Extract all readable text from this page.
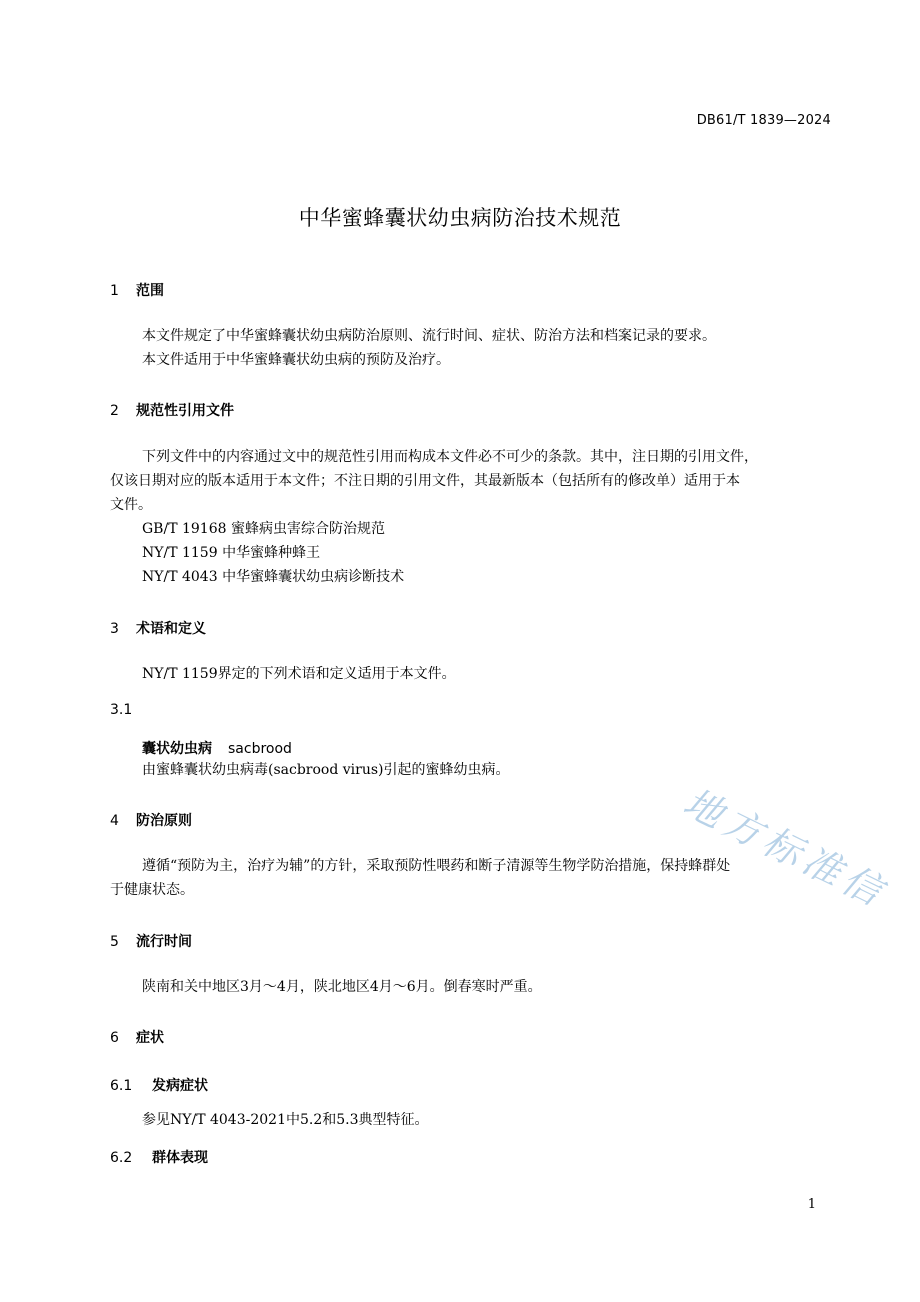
DB61/T 1839—2024
中华蜜蜂囊状幼虫病防治技术规范
1 范围
本文件规定了中华蜜蜂囊状幼虫病防治原则、流行时间、症状、防治方法和档案记录的要求。
本文件适用于中华蜜蜂囊状幼虫病的预防及治疗。
2 规范性引用文件
下列文件中的内容通过文中的规范性引用而构成本文件必不可少的条款。其中，注日期的引用文件，
仅该日期对应的版本适用于本文件；不注日期的引用文件，其最新版本（包括所有的修改单）适用于本
文件。
GB/T 19168 蜜蜂病虫害综合防治规范
NY/T 1159 中华蜜蜂种蜂王
NY/T 4043 中华蜜蜂囊状幼虫病诊断技术
3 术语和定义
NY/T 1159界定的下列术语和定义适用于本文件。
3.1
囊状幼虫病 sacbrood
由蜜蜂囊状幼虫病毒(sacbrood virus)引起的蜜蜂幼虫病。
4 防治原则
遵循“预防为主，治疗为辅”的方针，采取预防性喂药和断子清源等生物学防治措施，保持蜂群处
于健康状态。
5 流行时间
陕南和关中地区3月～4月，陕北地区4月～6月。倒春寒时严重。
6 症状
6.1 发病症状
参见NY/T 4043-2021中5.2和5.3典型特征。
6.2 群体表现
1
地方标准信
